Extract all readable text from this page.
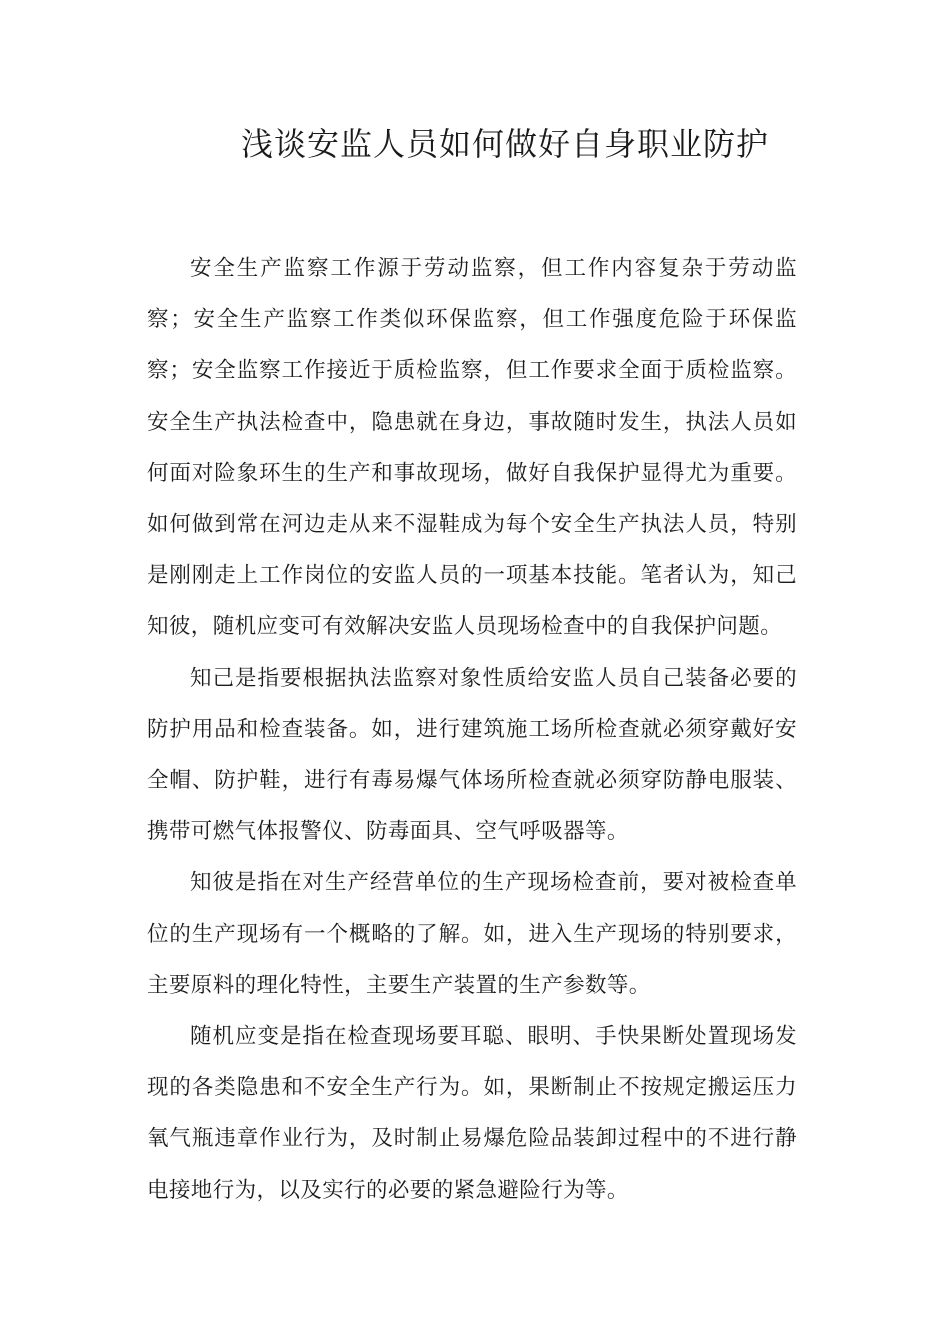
浅谈安监人员如何做好自身职业防护

安全生产监察工作源于劳动监察，但工作内容复杂于劳动监察；安全生产监察工作类似环保监察，但工作强度危险于环保监察；安全监察工作接近于质检监察，但工作要求全面于质检监察。安全生产执法检查中，隐患就在身边，事故随时发生，执法人员如何面对险象环生的生产和事故现场，做好自我保护显得尤为重要。如何做到常在河边走从来不湿鞋成为每个安全生产执法人员，特别是刚刚走上工作岗位的安监人员的一项基本技能。笔者认为，知己知彼，随机应变可有效解决安监人员现场检查中的自我保护问题。

知己是指要根据执法监察对象性质给安监人员自己装备必要的防护用品和检查装备。如，进行建筑施工场所检查就必须穿戴好安全帽、防护鞋，进行有毒易爆气体场所检查就必须穿防静电服装、携带可燃气体报警仪、防毒面具、空气呼吸器等。

知彼是指在对生产经营单位的生产现场检查前，要对被检查单位的生产现场有一个概略的了解。如，进入生产现场的特别要求，主要原料的理化特性，主要生产装置的生产参数等。

随机应变是指在检查现场要耳聪、眼明、手快果断处置现场发现的各类隐患和不安全生产行为。如，果断制止不按规定搬运压力氧气瓶违章作业行为，及时制止易爆危险品装卸过程中的不进行静电接地行为，以及实行的必要的紧急避险行为等。
